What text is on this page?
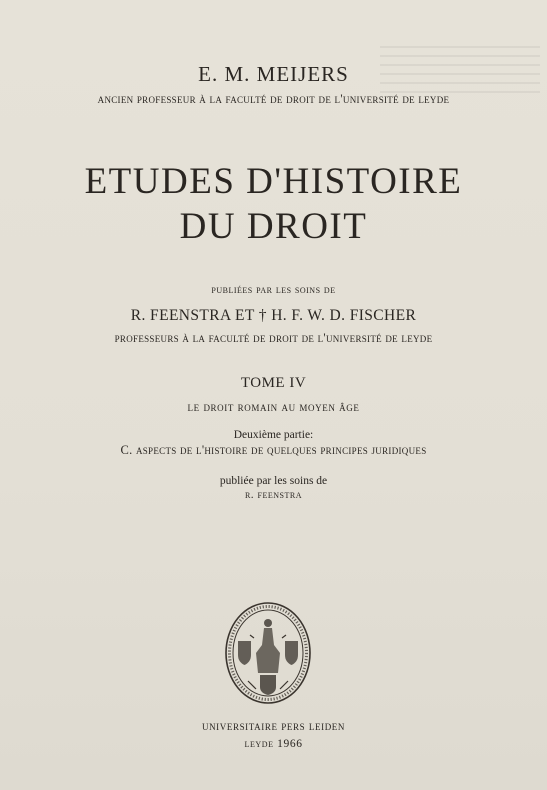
E. M. MEIJERS
ancien professeur à la faculté de droit de l'université de leyde
ETUDES D'HISTOIRE
DU DROIT
publiées par les soins de
R. FEENSTRA ET † H. F. W. D. FISCHER
professeurs à la faculté de droit de l'université de leyde
TOME IV
le droit romain au moyen âge
Deuxième partie:
C. aspects de l'histoire de quelques principes juridiques
publiée par les soins de
r. feenstra
universitaire pers leiden
leyde 1966
